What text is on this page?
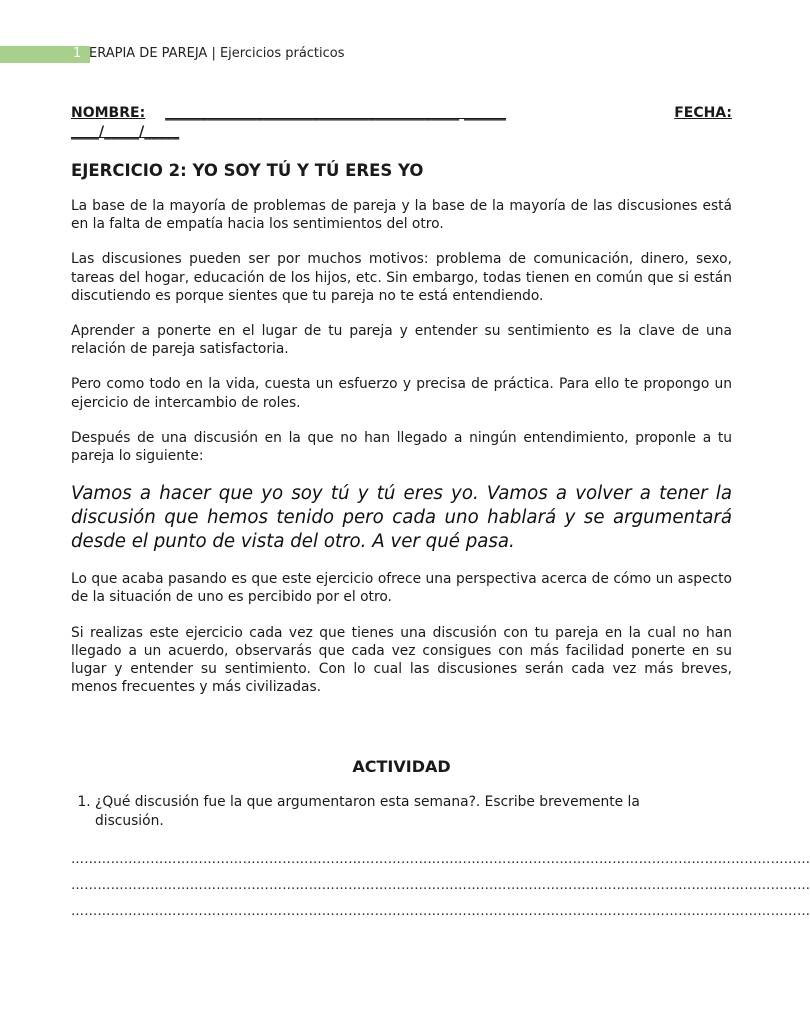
1 ERAPIA DE PAREJA | Ejercicios prácticos
NOMBRE: __________________________________________ ______	FECHA:
____/_____/_____
EJERCICIO 2: YO SOY TÚ Y TÚ ERES YO

La base de la mayoría de problemas de pareja y la base de la mayoría de las discusiones está en la falta de empatía hacia los sentimientos del otro.

Las discusiones pueden ser por muchos motivos: problema de comunicación, dinero, sexo, tareas del hogar, educación de los hijos, etc. Sin embargo, todas tienen en común que si están discutiendo es porque sientes que tu pareja no te está entendiendo.

Aprender a ponerte en el lugar de tu pareja y entender su sentimiento es la clave de una relación de pareja satisfactoria.

Pero como todo en la vida, cuesta un esfuerzo y precisa de práctica. Para ello te propongo un ejercicio de intercambio de roles.

Después de una discusión en la que no han llegado a ningún entendimiento, proponle a tu pareja lo siguiente:

Vamos a hacer que yo soy tú y tú eres yo. Vamos a volver a tener la discusión que hemos tenido pero cada uno hablará y se argumentará desde el punto de vista del otro. A ver qué pasa.

Lo que acaba pasando es que este ejercicio ofrece una perspectiva acerca de cómo un aspecto de la situación de uno es percibido por el otro.

Si realizas este ejercicio cada vez que tienes una discusión con tu pareja en la cual no han llegado a un acuerdo, observarás que cada vez consigues con más facilidad ponerte en su lugar y entender su sentimiento. Con lo cual las discusiones serán cada vez más breves, menos frecuentes y más civilizadas.

ACTIVIDAD
1. ¿Qué discusión fue la que argumentaron esta semana?. Escribe brevemente la discusión.
……………………………………………………………………………………………………………………………………………………
……………………………………………………………………………………………………………………………………………………
……………………………………………………………………………………………………………………………………………………
